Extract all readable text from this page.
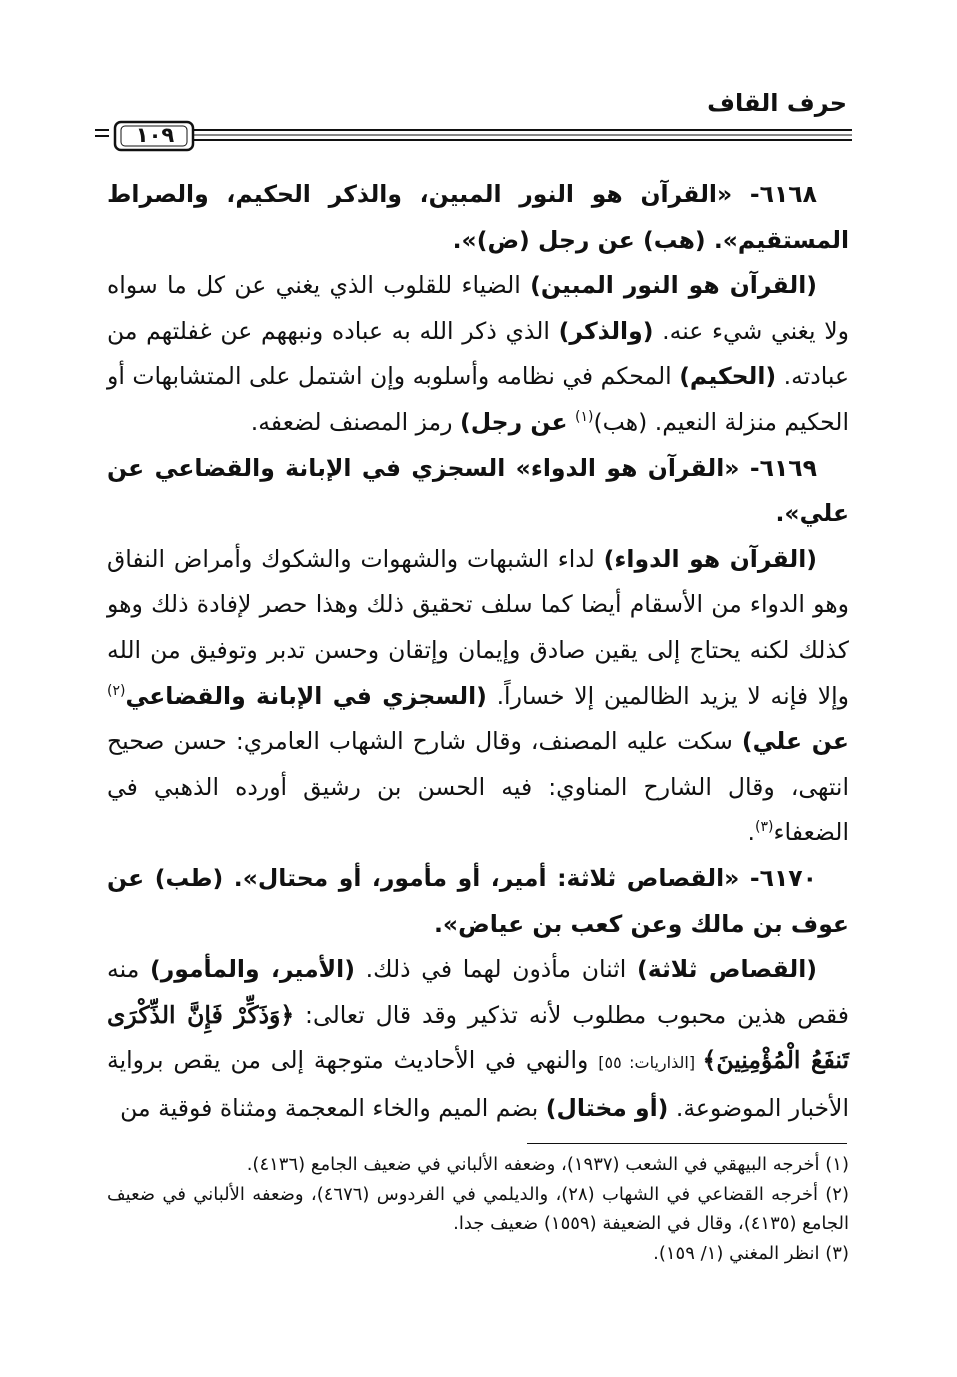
حرف القاف
١٠٩

٦١٦٨- «القرآن هو النور المبين، والذكر الحكيم، والصراط المستقيم». (هب) عن رجل (ض)».

(القرآن هو النور المبين) الضياء للقلوب الذي يغني عن كل ما سواه ولا يغني شيء عنه. (والذكر) الذي ذكر الله به عباده ونبههم عن غفلتهم من عبادته. (الحكيم) المحكم في نظامه وأسلوبه وإن اشتمل على المتشابهات أو الحكيم منزلة النعيم. (هب)$^{(١)}$ عن رجل) رمز المصنف لضعفه.

٦١٦٩- «القرآن هو الدواء» السجزي في الإبانة والقضاعي عن علي».

(القرآن هو الدواء) لداء الشبهات والشهوات والشكوك وأمراض النفاق وهو الدواء من الأسقام أيضا كما سلف تحقيق ذلك وهذا حصر لإفادة ذلك وهو كذلك لكنه يحتاج إلى يقين صادق وإيمان وإتقان وحسن تدبر وتوفيق من الله وإلا فإنه لا يزيد الظالمين إلا خساراً. (السجزي في الإبانة والقضاعي$^{(٢)}$ عن علي) سكت عليه المصنف، وقال شارح الشهاب العامري: حسن صحيح انتهى، وقال الشارح المناوي: فيه الحسن بن رشيق أورده الذهبي في الضعفاء$^{(٣)}$.

٦١٧٠- «القصاص ثلاثة: أمير، أو مأمور، أو محتال». (طب) عن عوف بن مالك وعن كعب بن عياض».

(القصاص ثلاثة) اثنان مأذون لهما في ذلك. (الأمير، والمأمور) منه فقص هذين محبوب مطلوب لأنه تذكير وقد قال تعالى: ﴿وَذَكِّرْ فَإِنَّ الذِّكْرَى تَنفَعُ الْمُؤْمِنِينَ﴾ [الذاريات: ٥٥] والنهي في الأحاديث متوجهة إلى من يقص برواية الأخبار الموضوعة. (أو مختال) بضم الميم والخاء المعجمة ومثناة فوقية من

(١) أخرجه البيهقي في الشعب (١٩٣٧)، وضعفه الألباني في ضعيف الجامع (٤١٣٦).

(٢) أخرجه القضاعي في الشهاب (٢٨)، والديلمي في الفردوس (٤٦٧٦)، وضعفه الألباني في ضعيف الجامع (٤١٣٥)، وقال في الضعيفة (١٥٥٩) ضعيف جدا.

(٣) انظر المغني (١/ ١٥٩).
